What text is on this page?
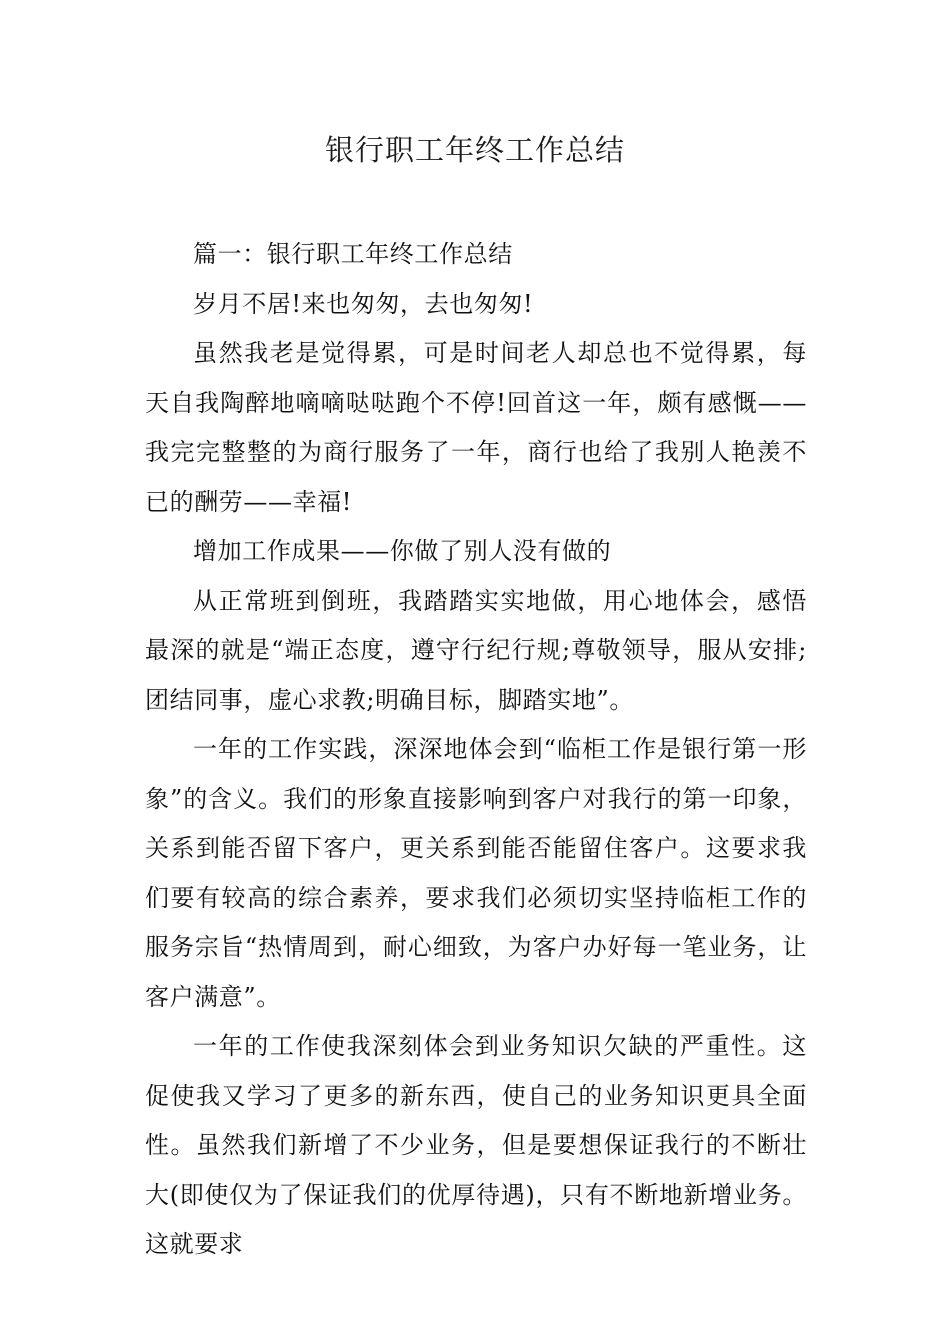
银行职工年终工作总结

篇一：银行职工年终工作总结

岁月不居!来也匆匆，去也匆匆!

虽然我老是觉得累，可是时间老人却总也不觉得累，每天自我陶醉地嘀嘀哒哒跑个不停!回首这一年，颇有感慨——我完完整整的为商行服务了一年，商行也给了我别人艳羡不已的酬劳——幸福!

增加工作成果——你做了别人没有做的

从正常班到倒班，我踏踏实实地做，用心地体会，感悟最深的就是“端正态度，遵守行纪行规;尊敬领导，服从安排;团结同事，虚心求教;明确目标，脚踏实地”。

一年的工作实践，深深地体会到“临柜工作是银行第一形象”的含义。我们的形象直接影响到客户对我行的第一印象，关系到能否留下客户，更关系到能否能留住客户。这要求我们要有较高的综合素养，要求我们必须切实坚持临柜工作的服务宗旨“热情周到，耐心细致，为客户办好每一笔业务，让客户满意”。

一年的工作使我深刻体会到业务知识欠缺的严重性。这促使我又学习了更多的新东西，使自己的业务知识更具全面性。虽然我们新增了不少业务，但是要想保证我行的不断壮大(即使仅为了保证我们的优厚待遇)，只有不断地新增业务。这就要求
